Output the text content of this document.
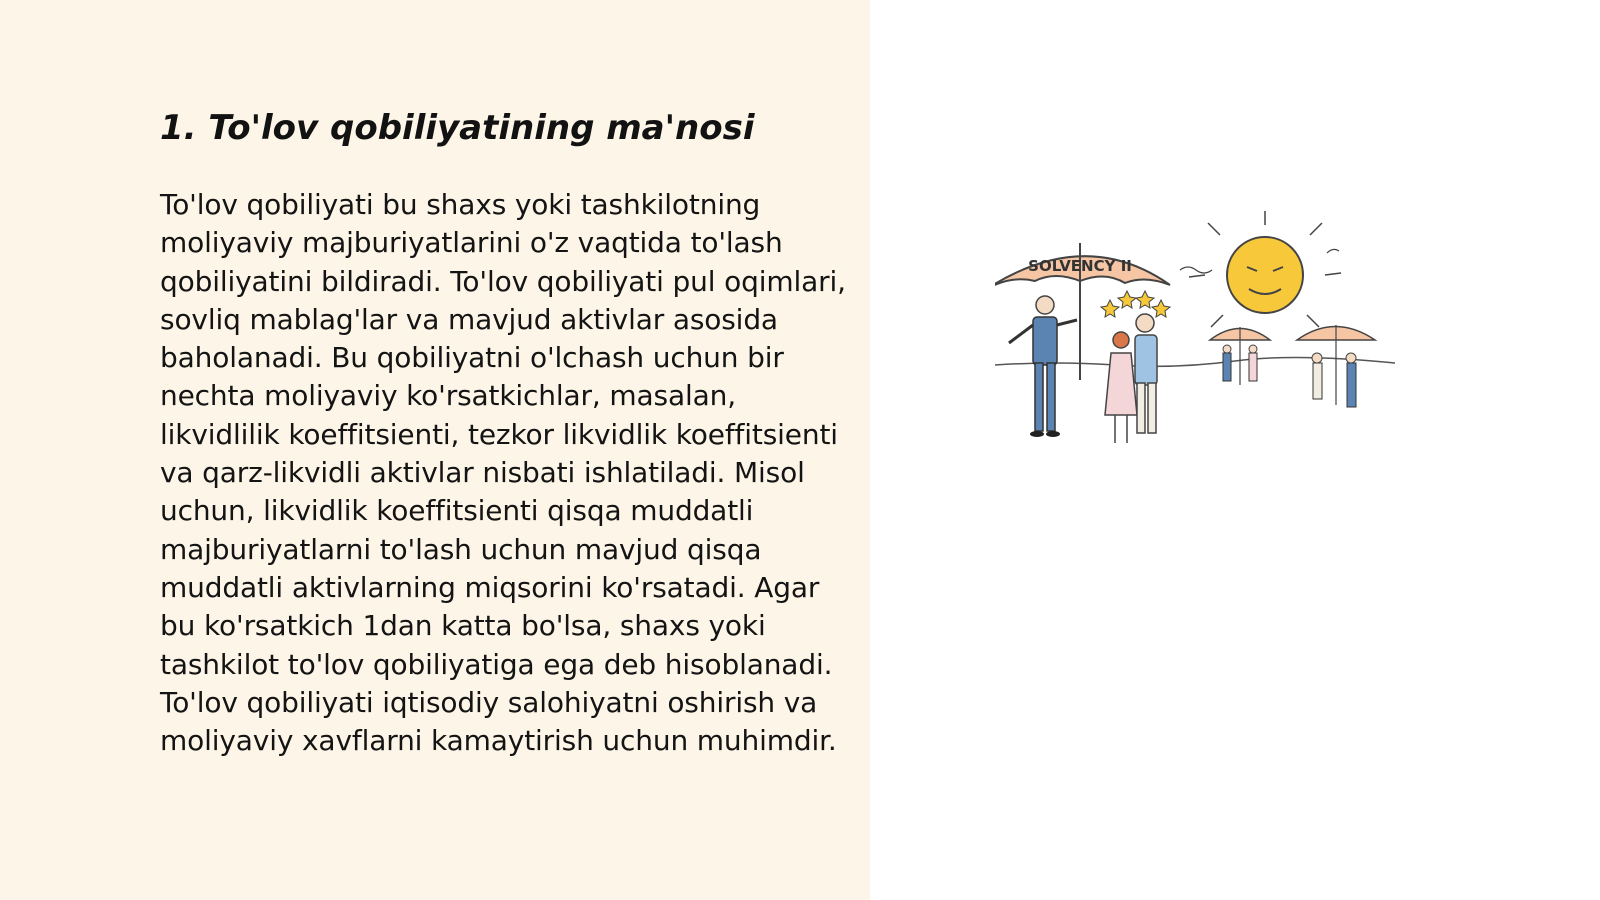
1. To'lov qobiliyatining ma'nosi

To'lov qobiliyati bu shaxs yoki tashkilotning moliyaviy majburiyatlarini o'z vaqtida to'lash qobiliyatini bildiradi. To'lov qobiliyati pul oqimlari, sovliq mablag'lar va mavjud aktivlar asosida baholanadi. Bu qobiliyatni o'lchash uchun bir nechta moliyaviy ko'rsatkichlar, masalan, likvidlilik koeffitsienti, tezkor likvidlik koeffitsienti va qarz-likvidli aktivlar nisbati ishlatiladi. Misol uchun, likvidlik koeffitsienti qisqa muddatli majburiyatlarni to'lash uchun mavjud qisqa muddatli aktivlarning miqsorini ko'rsatadi. Agar bu ko'rsatkich 1dan katta bo'lsa, shaxs yoki tashkilot to'lov qobiliyatiga ega deb hisoblanadi. To'lov qobiliyati iqtisodiy salohiyatni oshirish va moliyaviy xavflarni kamaytirish uchun muhimdir.

SOLVENCY II
